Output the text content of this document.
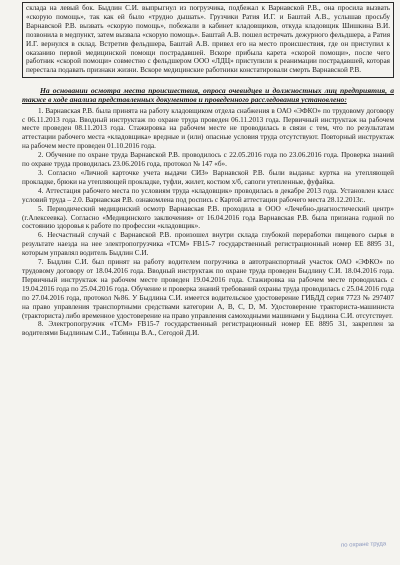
склада на левый бок. Быдлин С.И. выпрыгнул из погрузчика, подбежал к Варнавской Р.В., она просила вызвать «скорую помощь», так как ей было «трудно дышать». Грузчики Ратия И.Г. и Баштай А.В., услышав просьбу Варнавской Р.В. вызвать «скорую помощь», побежали в кабинет кладовщиков, откуда кладовщик Шишкина В.И. позвонила в медпункт, затем вызвала «скорую помощь». Баштай А.В. пошел встречать дежурного фельдшера, а Ратия И.Г. вернулся в склад. Встретив фельдшера, Баштай А.В. привел его на место происшествия, где он приступил к оказанию первой медицинской помощи пострадавшей. Вскоре прибыла карета «скорой помощи», после чего работник «скорой помощи» совместно с фельдшером ООО «ЛДЦ» приступили к реанимации пострадавшей, которая перестала подавать признаки жизни. Вскоре медицинские работники констатировали смерть Варнавской Р.В.

На основании осмотра места происшествия, опроса очевидцев и должностных лиц предприятия, а также в ходе анализа представленных документов и проведенного расследования установлено:

1. Варнавская Р.В. была принята на работу кладовщиком отдела снабжения в ОАО «ЭФКО» по трудовому договору с 06.11.2013 года. Вводный инструктаж по охране труда проведен 06.11.2013 года. Первичный инструктаж на рабочем месте проведен 08.11.2013 года. Стажировка на рабочем месте не проводилась в связи с тем, что по результатам аттестации рабочего места «кладовщика» вредные и (или) опасные условия труда отсутствуют. Повторный инструктаж на рабочем месте проведен 01.10.2016 года.

2. Обучение по охране труда Варнавской Р.В. проводилось с 22.05.2016 года по 23.06.2016 года. Проверка знаний по охране труда проводилась 23.06.2016 года, протокол № 147 «б».

3. Согласно «Личной карточке учета выдачи СИЗ» Варнавской Р.В. были выданы: куртка на утепляющей прокладке, брюки на утепляющей прокладке, туфли, жилет, костюм х/б, сапоги утепленные, фуфайка.

4. Аттестация рабочего места по условиям труда «кладовщик» проводилась в декабре 2013 года. Установлен класс условий труда – 2.0. Варнавская Р.В. ознакомлена под роспись с Картой аттестации рабочего места 28.12.2013г..

5. Периодический медицинский осмотр Варнавская Р.В. проходила в ООО «Лечебно-диагностический центр» (г.Алексеевка). Согласно «Медицинского заключения» от 16.04.2016 года Варнавская Р.В. была признана годной по состоянию здоровья к работе по профессии «кладовщик».

6. Несчастный случай с Варнавской Р.В. произошел внутри склада глубокой переработки пищевого сырья в результате наезда на нее электропогрузчика «TCM» FB15-7 государственный регистрационный номер ЕЕ 8895 31, которым управлял водитель Быдлин С.И.

7. Быдлин С.И. был принят на работу водителем погрузчика в автотранспортный участок ОАО «ЭФКО» по трудовому договору от 18.04.2016 года. Вводный инструктаж по охране труда проведен Быдлину С.И. 18.04.2016 года. Первичный инструктаж на рабочем месте проведен 19.04.2016 года. Стажировка на рабочем месте проводилась с 19.04.2016 года по 25.04.2016 года. Обучение и проверка знаний требований охраны труда проводилась с 25.04.2016 года по 27.04.2016 года, протокол №86. У Быдлина С.И. имеется водительское удостоверение ГИБДД серия 7723 № 297407 на право управления транспортными средствами категории А, В, С, D, M. Удостоверение тракториста-машиниста (тракториста) либо временное удостоверение на право управления самоходными машинами у Быдлина С.И. отсутствует.

8. Электропогрузчик «TCM» FB15-7 государственный регистрационный номер ЕЕ 8895 31, закреплен за водителями Быдлиным С.И., Табинцы В.А., Сегодой Д.И.

по охране труда
